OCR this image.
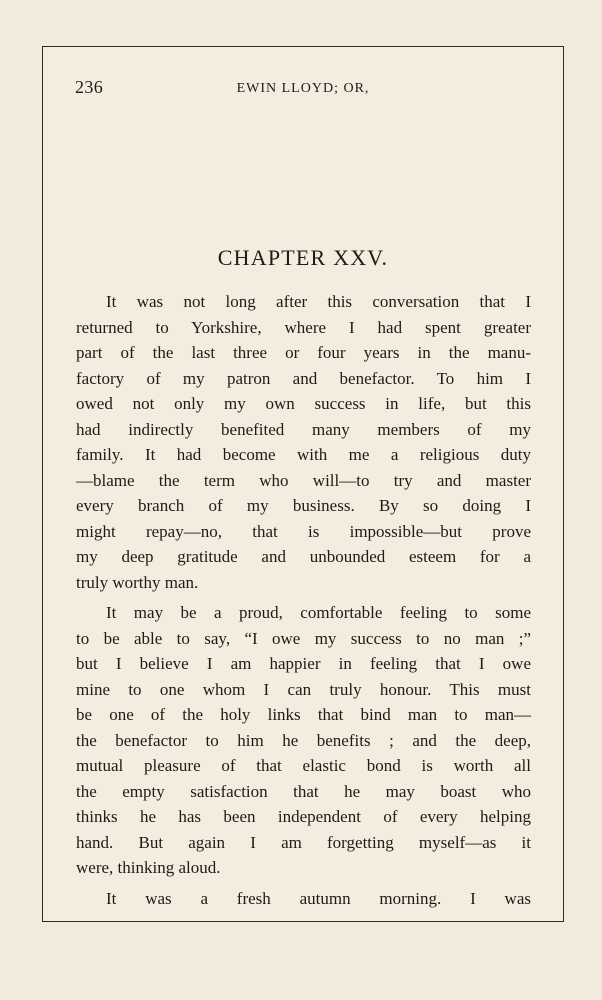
236	EWIN LLOYD; OR,
CHAPTER XXV.

It was not long after this conversation that I
returned to Yorkshire, where I had spent greater
part of the last three or four years in the manu-
factory of my patron and benefactor. To him I
owed not only my own success in life, but this
had indirectly benefited many members of my
family. It had become with me a religious duty
—blame the term who will—to try and master
every branch of my business. By so doing I
might repay—no, that is impossible—but prove
my deep gratitude and unbounded esteem for a
truly worthy man.

It may be a proud, comfortable feeling to some
to be able to say, “I owe my success to no man ;”
but I believe I am happier in feeling that I owe
mine to one whom I can truly honour. This must
be one of the holy links that bind man to man—
the benefactor to him he benefits ; and the deep,
mutual pleasure of that elastic bond is worth all
the empty satisfaction that he may boast who
thinks he has been independent of every helping
hand. But again I am forgetting myself—as it
were, thinking aloud.

It was a fresh autumn morning. I was
